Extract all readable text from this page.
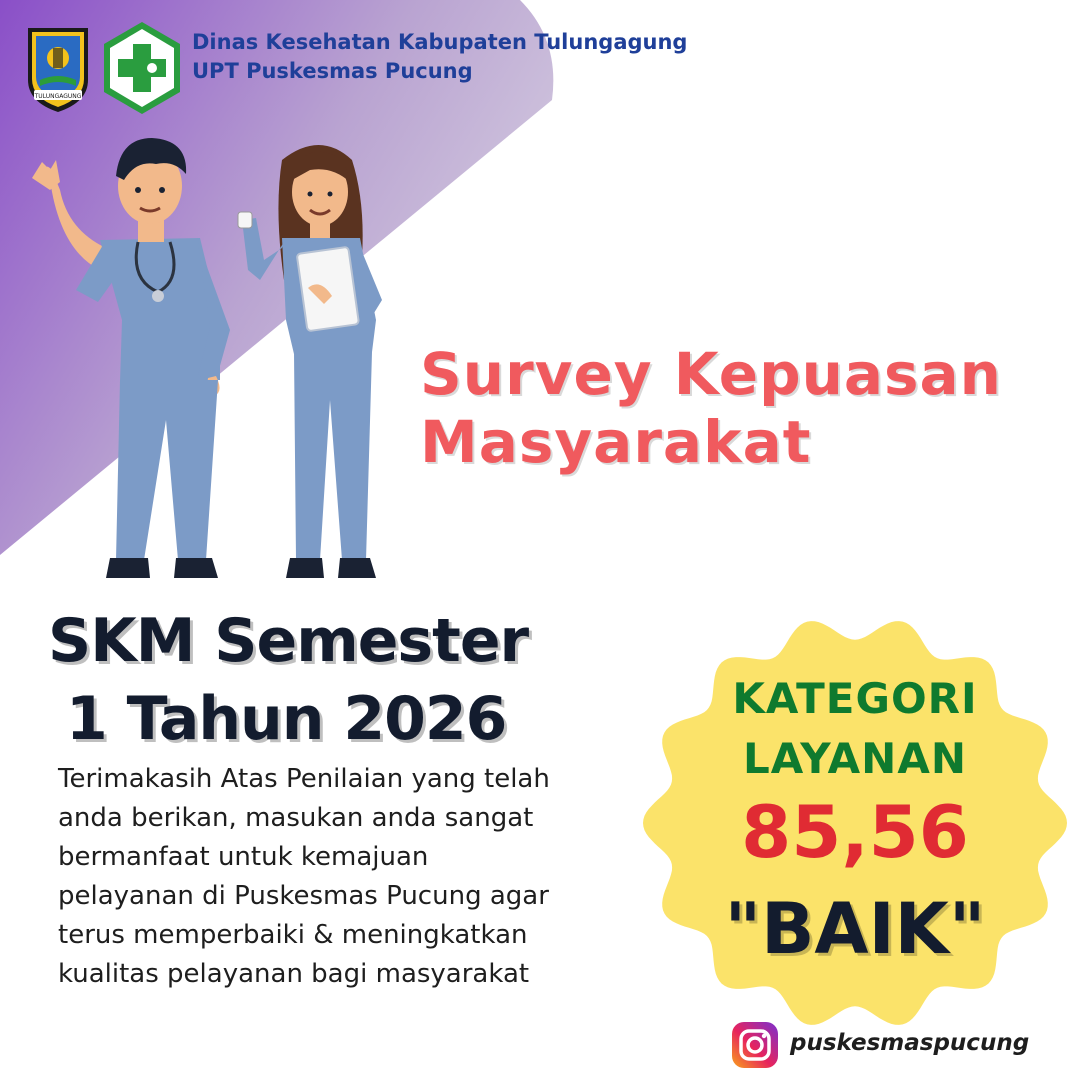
TULUNGAGUNG
Dinas Kesehatan Kabupaten Tulungagung
UPT Puskesmas Pucung
Survey Kepuasan
Masyarakat
SKM Semester
1 Tahun 2026
Terimakasih Atas Penilaian yang telah
anda berikan, masukan anda sangat
bermanfaat untuk kemajuan
pelayanan di Puskesmas Pucung agar
terus memperbaiki & meningkatkan
kualitas pelayanan bagi masyarakat
KATEGORI
LAYANAN
85,56
"BAIK"
puskesmaspucung
